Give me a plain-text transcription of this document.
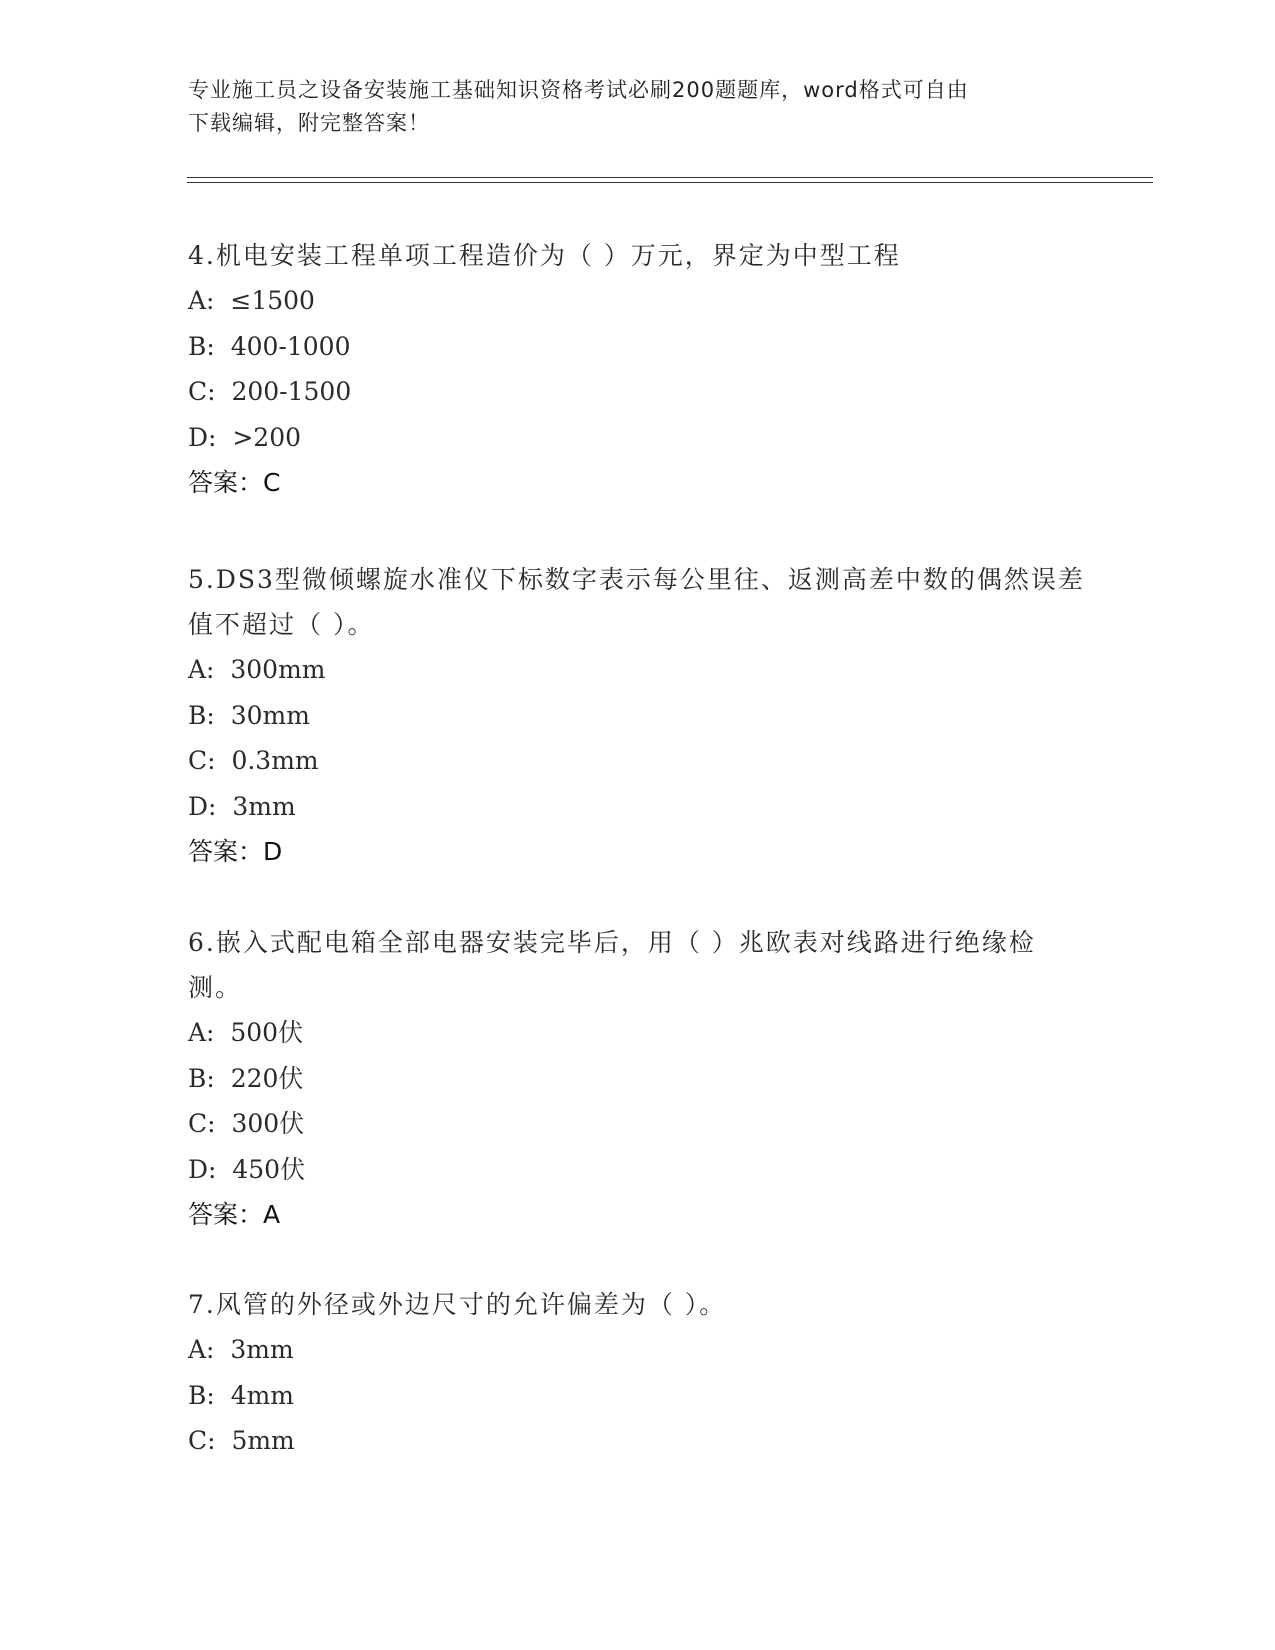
专业施工员之设备安装施工基础知识资格考试必刷200题题库，word格式可自由
下载编辑，附完整答案！
4.机电安装工程单项工程造价为（ ）万元，界定为中型工程
A:  ≤1500
B:  400-1000
C:  200-1500
D:  >200
答案：C
5.DS3型微倾螺旋水准仪下标数字表示每公里往、返测高差中数的偶然误差值不超过（ ）。
A:  300mm
B:  30mm
C:  0.3mm
D:  3mm
答案：D
6.嵌入式配电箱全部电器安装完毕后，用（ ）兆欧表对线路进行绝缘检测。
A:  500伏
B:  220伏
C:  300伏
D:  450伏
答案：A
7.风管的外径或外边尺寸的允许偏差为（ ）。
A:  3mm
B:  4mm
C:  5mm
